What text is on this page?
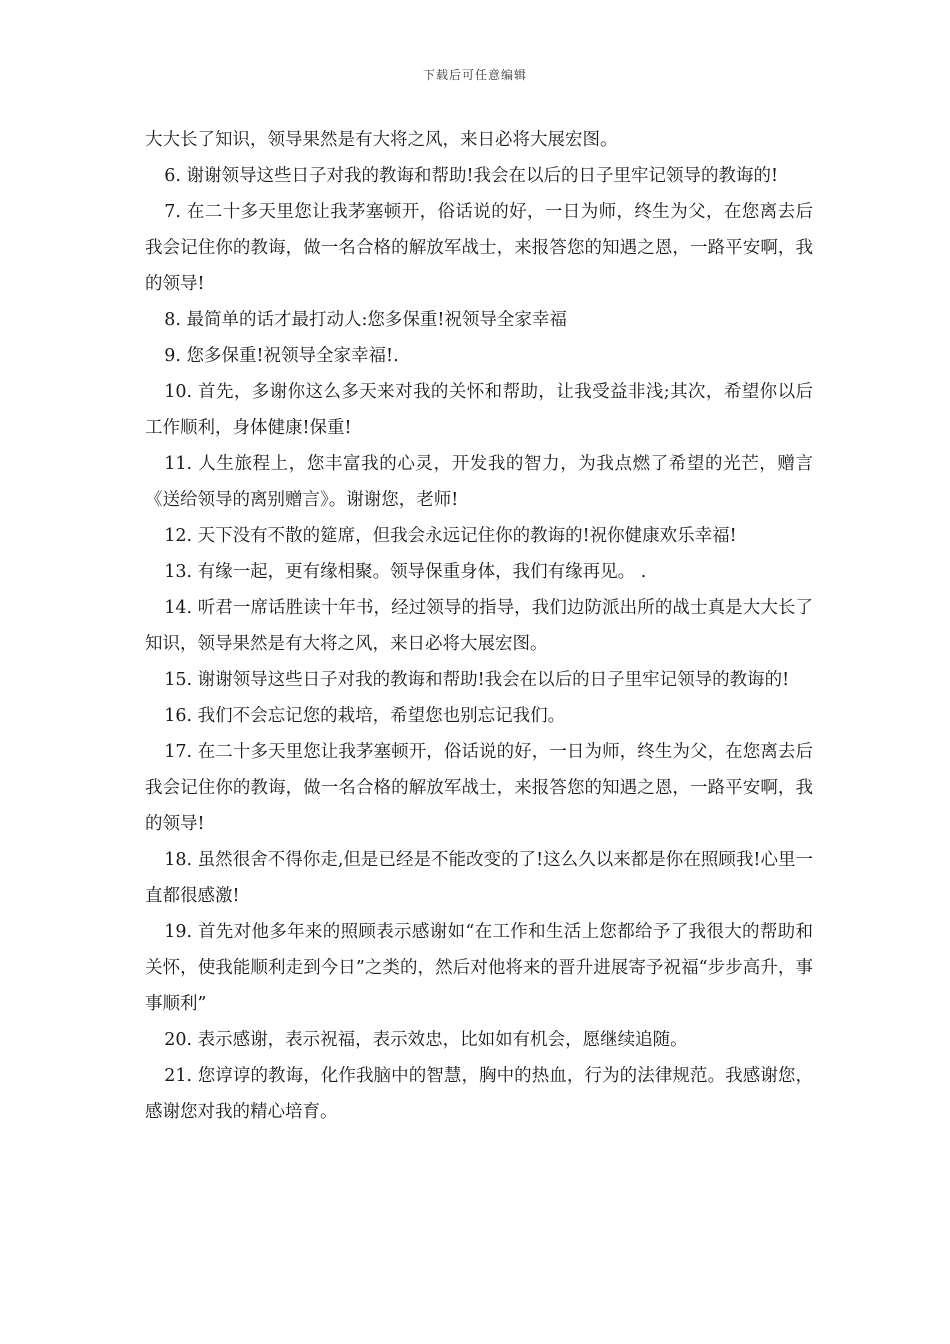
下载后可任意编辑

大大长了知识，领导果然是有大将之风，来日必将大展宏图。

6. 谢谢领导这些日子对我的教诲和帮助!我会在以后的日子里牢记领导的教诲的!

7. 在二十多天里您让我茅塞顿开，俗话说的好，一日为师，终生为父，在您离去后我会记住你的教诲，做一名合格的解放军战士，来报答您的知遇之恩，一路平安啊，我的领导!

8. 最简单的话才最打动人:您多保重!祝领导全家幸福

9. 您多保重!祝领导全家幸福!.

10. 首先，多谢你这么多天来对我的关怀和帮助，让我受益非浅;其次，希望你以后工作顺利，身体健康!保重!

11. 人生旅程上，您丰富我的心灵，开发我的智力，为我点燃了希望的光芒，赠言《送给领导的离别赠言》。谢谢您，老师!

12. 天下没有不散的筵席，但我会永远记住你的教诲的!祝你健康欢乐幸福!

13. 有缘一起，更有缘相聚。领导保重身体，我们有缘再见。 .

14. 听君一席话胜读十年书，经过领导的指导，我们边防派出所的战士真是大大长了知识，领导果然是有大将之风，来日必将大展宏图。

15. 谢谢领导这些日子对我的教诲和帮助!我会在以后的日子里牢记领导的教诲的!

16. 我们不会忘记您的栽培，希望您也别忘记我们。

17. 在二十多天里您让我茅塞顿开，俗话说的好，一日为师，终生为父，在您离去后我会记住你的教诲，做一名合格的解放军战士，来报答您的知遇之恩，一路平安啊，我的领导!

18. 虽然很舍不得你走,但是已经是不能改变的了!这么久以来都是你在照顾我!心里一直都很感激!

19. 首先对他多年来的照顾表示感谢如“在工作和生活上您都给予了我很大的帮助和关怀，使我能顺利走到今日”之类的，然后对他将来的晋升进展寄予祝福“步步高升，事事顺利”

20. 表示感谢，表示祝福，表示效忠，比如如有机会，愿继续追随。

21. 您谆谆的教诲，化作我脑中的智慧，胸中的热血，行为的法律规范。我感谢您，感谢您对我的精心培育。
